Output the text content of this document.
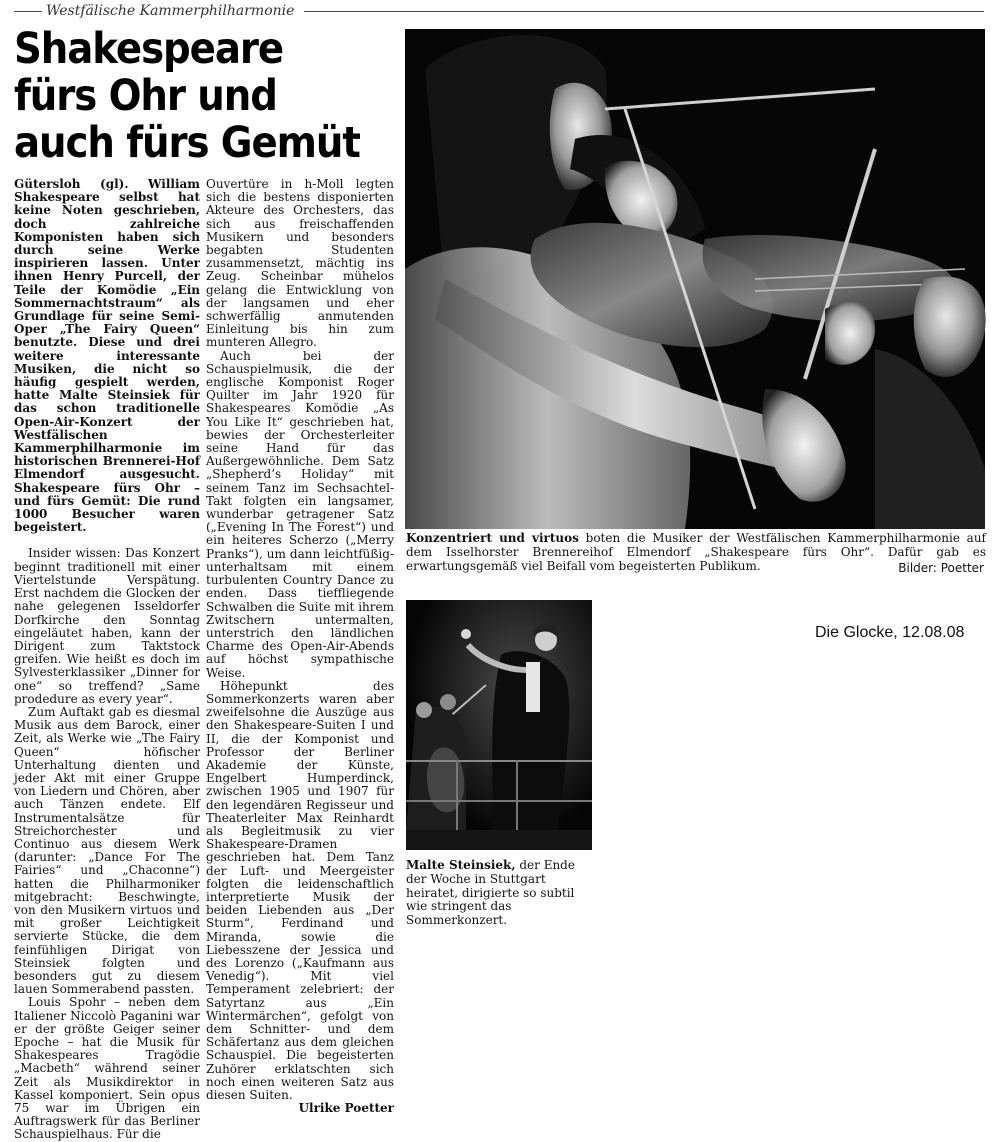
Westfälische Kammerphilharmonie
Shakespeare
fürs Ohr und
auch fürs Gemüt

Gütersloh (gl). William Shakespeare selbst hat keine Noten geschrieben, doch zahlreiche Komponisten haben sich durch seine Werke inspirieren lassen. Unter ihnen Henry Purcell, der Teile der Komödie „Ein Sommernachtstraum“ als Grundlage für seine Semi-Oper „The Fairy Queen“ benutzte. Diese und drei weitere interessante Musiken, die nicht so häufig gespielt werden, hatte Malte Steinsiek für das schon traditionelle Open-Air-Konzert der Westfälischen Kammerphilharmonie im historischen Brennerei-Hof Elmendorf ausgesucht. Shakespeare fürs Ohr – und fürs Gemüt: Die rund 1000 Besucher waren begeistert.

Insider wissen: Das Konzert beginnt traditionell mit einer Viertelstunde Verspätung. Erst nachdem die Glocken der nahe gelegenen Isseldorfer Dorfkirche den Sonntag eingeläutet haben, kann der Dirigent zum Taktstock greifen. Wie heißt es doch im Sylvesterklassiker „Dinner for one“ so treffend? „Same prodedure as every year“.

Zum Auftakt gab es diesmal Musik aus dem Barock, einer Zeit, als Werke wie „The Fairy Queen“ höfischer Unterhaltung dienten und jeder Akt mit einer Gruppe von Liedern und Chören, aber auch Tänzen endete. Elf Instrumentalsätze für Streichorchester und Continuo aus diesem Werk (darunter: „Dance For The Fairies“ und „Chaconne“) hatten die Philharmoniker mitgebracht: Beschwingte, von den Musikern virtuos und mit großer Leichtigkeit servierte Stücke, die dem feinfühligen Dirigat von Steinsiek folgten und besonders gut zu diesem lauen Sommerabend passten.

Louis Spohr – neben dem Italiener Niccolò Paganini war er der größte Geiger seiner Epoche – hat die Musik für Shakespeares Tragödie „Macbeth“ während seiner Zeit als Musikdirektor in Kassel komponiert. Sein opus 75 war im Übrigen ein Auftragswerk für das Berliner Schauspielhaus. Für die

Ouvertüre in h-Moll legten sich die bestens disponierten Akteure des Orchesters, das sich aus freischaffenden Musikern und besonders begabten Studenten zusammensetzt, mächtig ins Zeug. Scheinbar mühelos gelang die Entwicklung von der langsamen und eher schwerfällig anmutenden Einleitung bis hin zum munteren Allegro.

Auch bei der Schauspielmusik, die der englische Komponist Roger Quilter im Jahr 1920 für Shakespeares Komödie „As You Like It“ geschrieben hat, bewies der Orchesterleiter seine Hand für das Außergewöhnliche. Dem Satz „Shepherd’s Holiday“ mit seinem Tanz im Sechsachtel-Takt folgten ein langsamer, wunderbar getragener Satz („Evening In The Forest“) und ein heiteres Scherzo („Merry Pranks“), um dann leichtfüßig-unterhaltsam mit einem turbulenten Country Dance zu enden. Dass tieffliegende Schwalben die Suite mit ihrem Zwitschern untermalten, unterstrich den ländlichen Charme des Open-Air-Abends auf höchst sympathische Weise.

Höhepunkt des Sommerkonzerts waren aber zweifelsohne die Auszüge aus den Shakespeare-Suiten I und II, die der Komponist und Professor der Berliner Akademie der Künste, Engelbert Humperdinck, zwischen 1905 und 1907 für den legendären Regisseur und Theaterleiter Max Reinhardt als Begleitmusik zu vier Shakespeare-Dramen geschrieben hat. Dem Tanz der Luft- und Meergeister folgten die leidenschaftlich interpretierte Musik der beiden Liebenden aus „Der Sturm“, Ferdinand und Miranda, sowie die Liebesszene der Jessica und des Lorenzo („Kaufmann aus Venedig“). Mit viel Temperament zelebriert: der Satyrtanz aus „Ein Wintermärchen“, gefolgt von dem Schnitter- und dem Schäfertanz aus dem gleichen Schauspiel. Die begeisterten Zuhörer erklatschten sich noch einen weiteren Satz aus diesen Suiten.

Ulrike Poetter

Konzentriert und virtuos boten die Musiker der Westfälischen Kammerphilharmonie auf dem Isselhorster Brennereihof Elmendorf „Shakespeare fürs Ohr“. Dafür gab es erwartungsgemäß viel Beifall vom begeisterten Publikum.	Bilder: Poetter

Malte Steinsiek, der Ende der Woche in Stuttgart heiratet, dirigierte so subtil wie stringent das Sommerkonzert.

Die Glocke, 12.08.08
